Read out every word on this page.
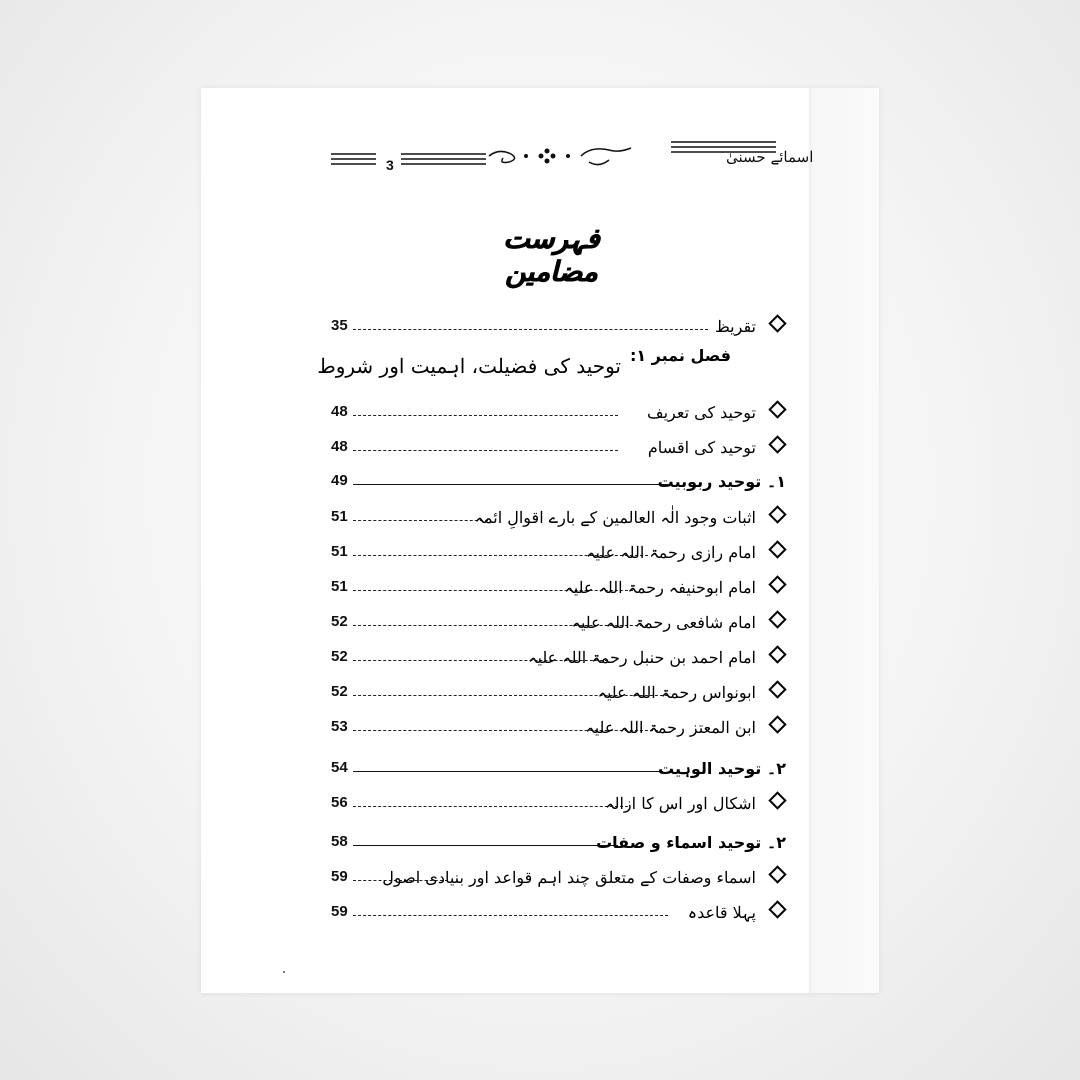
3	اسمائے حسنیٰ
فہرست مضامین
35	تقریظ
48	توحید کی تعریف
48	توحید کی اقسام
49	۱۔ توحید ربوبیت
51	اثبات وجود الٰہ العالمین کے بارے اقوالِ ائمہ
51	امام رازی رحمۃ اللہ علیہ
51	امام ابوحنیفہ رحمۃ اللہ علیہ
52	امام شافعی رحمۃ اللہ علیہ
52	امام احمد بن حنبل رحمۃ اللہ علیہ
52	ابونواس رحمۃ اللہ علیہ
53	ابن المعتز رحمۃ اللہ علیہ
54	۲۔ توحید الوہیت
56	اشکال اور اس کا ازالہ
58	۲۔ توحید اسماء و صفات
59 اسماء وصفات کے متعلق چند اہم قواعد اور بنیادی اصول
59	پہلا قاعدہ
فصل نمبر ۱:
توحید کی فضیلت، اہمیت اور شروط
